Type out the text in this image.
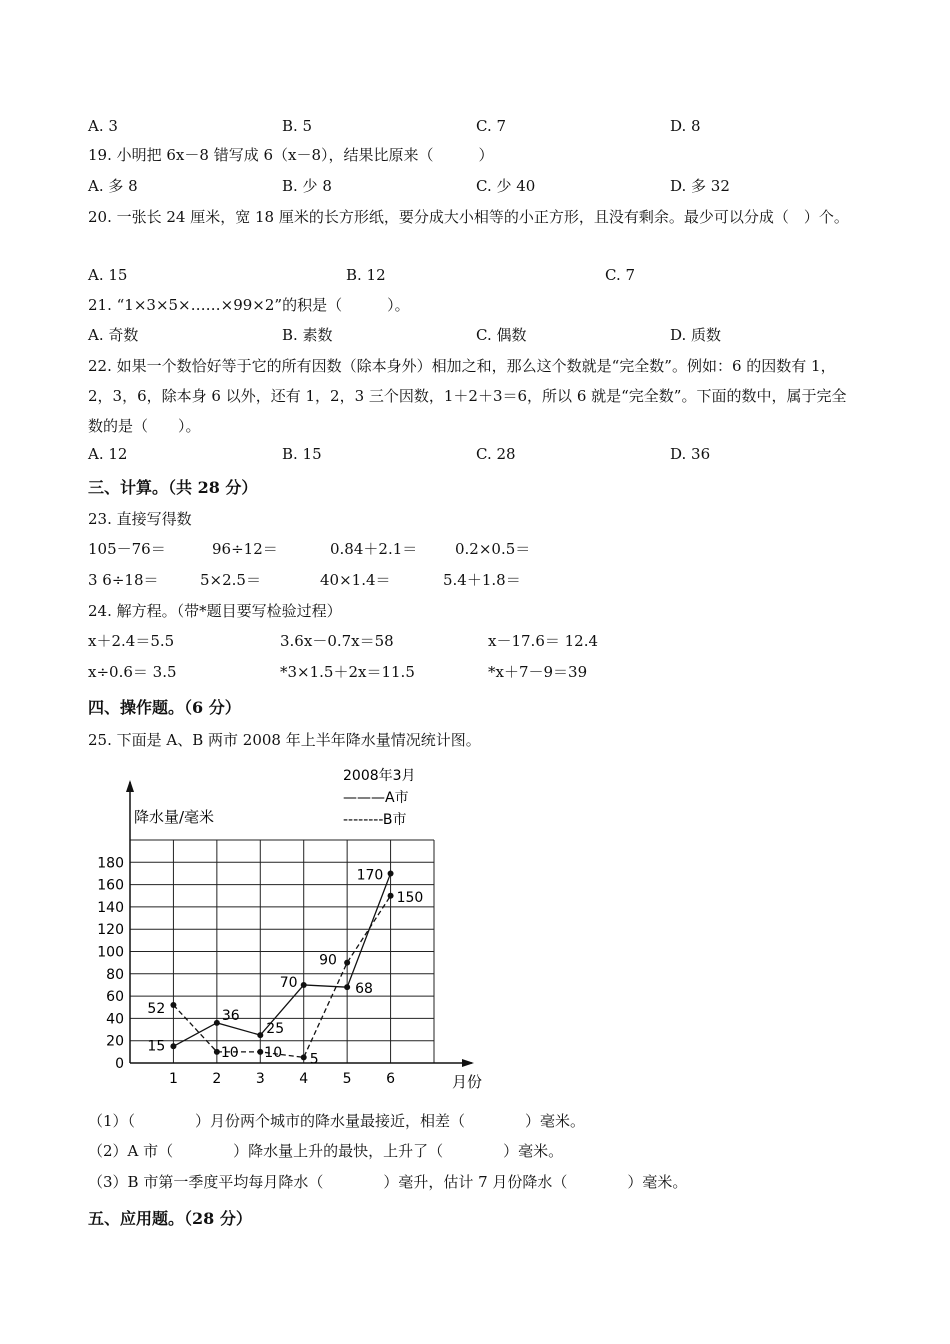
A. 3	B. 5	C. 7	D. 8
19. 小明把 6x－8 错写成 6（x－8），结果比原来（　　　）
A. 多 8	B. 少 8	C. 少 40	D. 多 32
20. 一张长 24 厘米，宽 18 厘米的长方形纸，要分成大小相等的小正方形，且没有剩余。最少可以分成（　）个。
A. 15	B. 12	C. 7
21. “1×3×5×……×99×2”的积是（　　　）。
A. 奇数	B. 素数	C. 偶数	D. 质数
22. 如果一个数恰好等于它的所有因数（除本身外）相加之和，那么这个数就是“完全数”。例如：6 的因数有 1，2，3，6，除本身 6 以外，还有 1，2，3 三个因数，1＋2＋3＝6，所以 6 就是“完全数”。下面的数中，属于完全数的是（　　）。
A. 12	B. 15	C. 28	D. 36
三、计算。（共 28 分）
23. 直接写得数
105－76＝	96÷12＝	0.84＋2.1＝	0.2×0.5＝
3 6÷18＝	5×2.5＝	40×1.4＝	5.4＋1.8＝
24. 解方程。（带*题目要写检验过程）
x＋2.4＝5.5	3.6x－0.7x＝58	x－17.6＝ 12.4
x÷0.6＝ 3.5	*3×1.5＋2x＝11.5	*x＋7－9＝39
四、操作题。（6 分）
25. 下面是 A、B 两市 2008 年上半年降水量情况统计图。
0
20
40
60
80
100
120
140
160
180
1 2 3 4 5 6
15
52	36
10
25
10
70
5
90
68
170
150
2008年3月
———A市
--------B市
降水量/毫米
月份
（1）（　　　　）月份两个城市的降水量最接近，相差（　　　　）毫米。
（2）A 市（　　　　）降水量上升的最快，上升了（　　　　）毫米。
（3）B 市第一季度平均每月降水（　　　　）毫升，估计 7 月份降水（　　　　）毫米。
五、应用题。（28 分）
